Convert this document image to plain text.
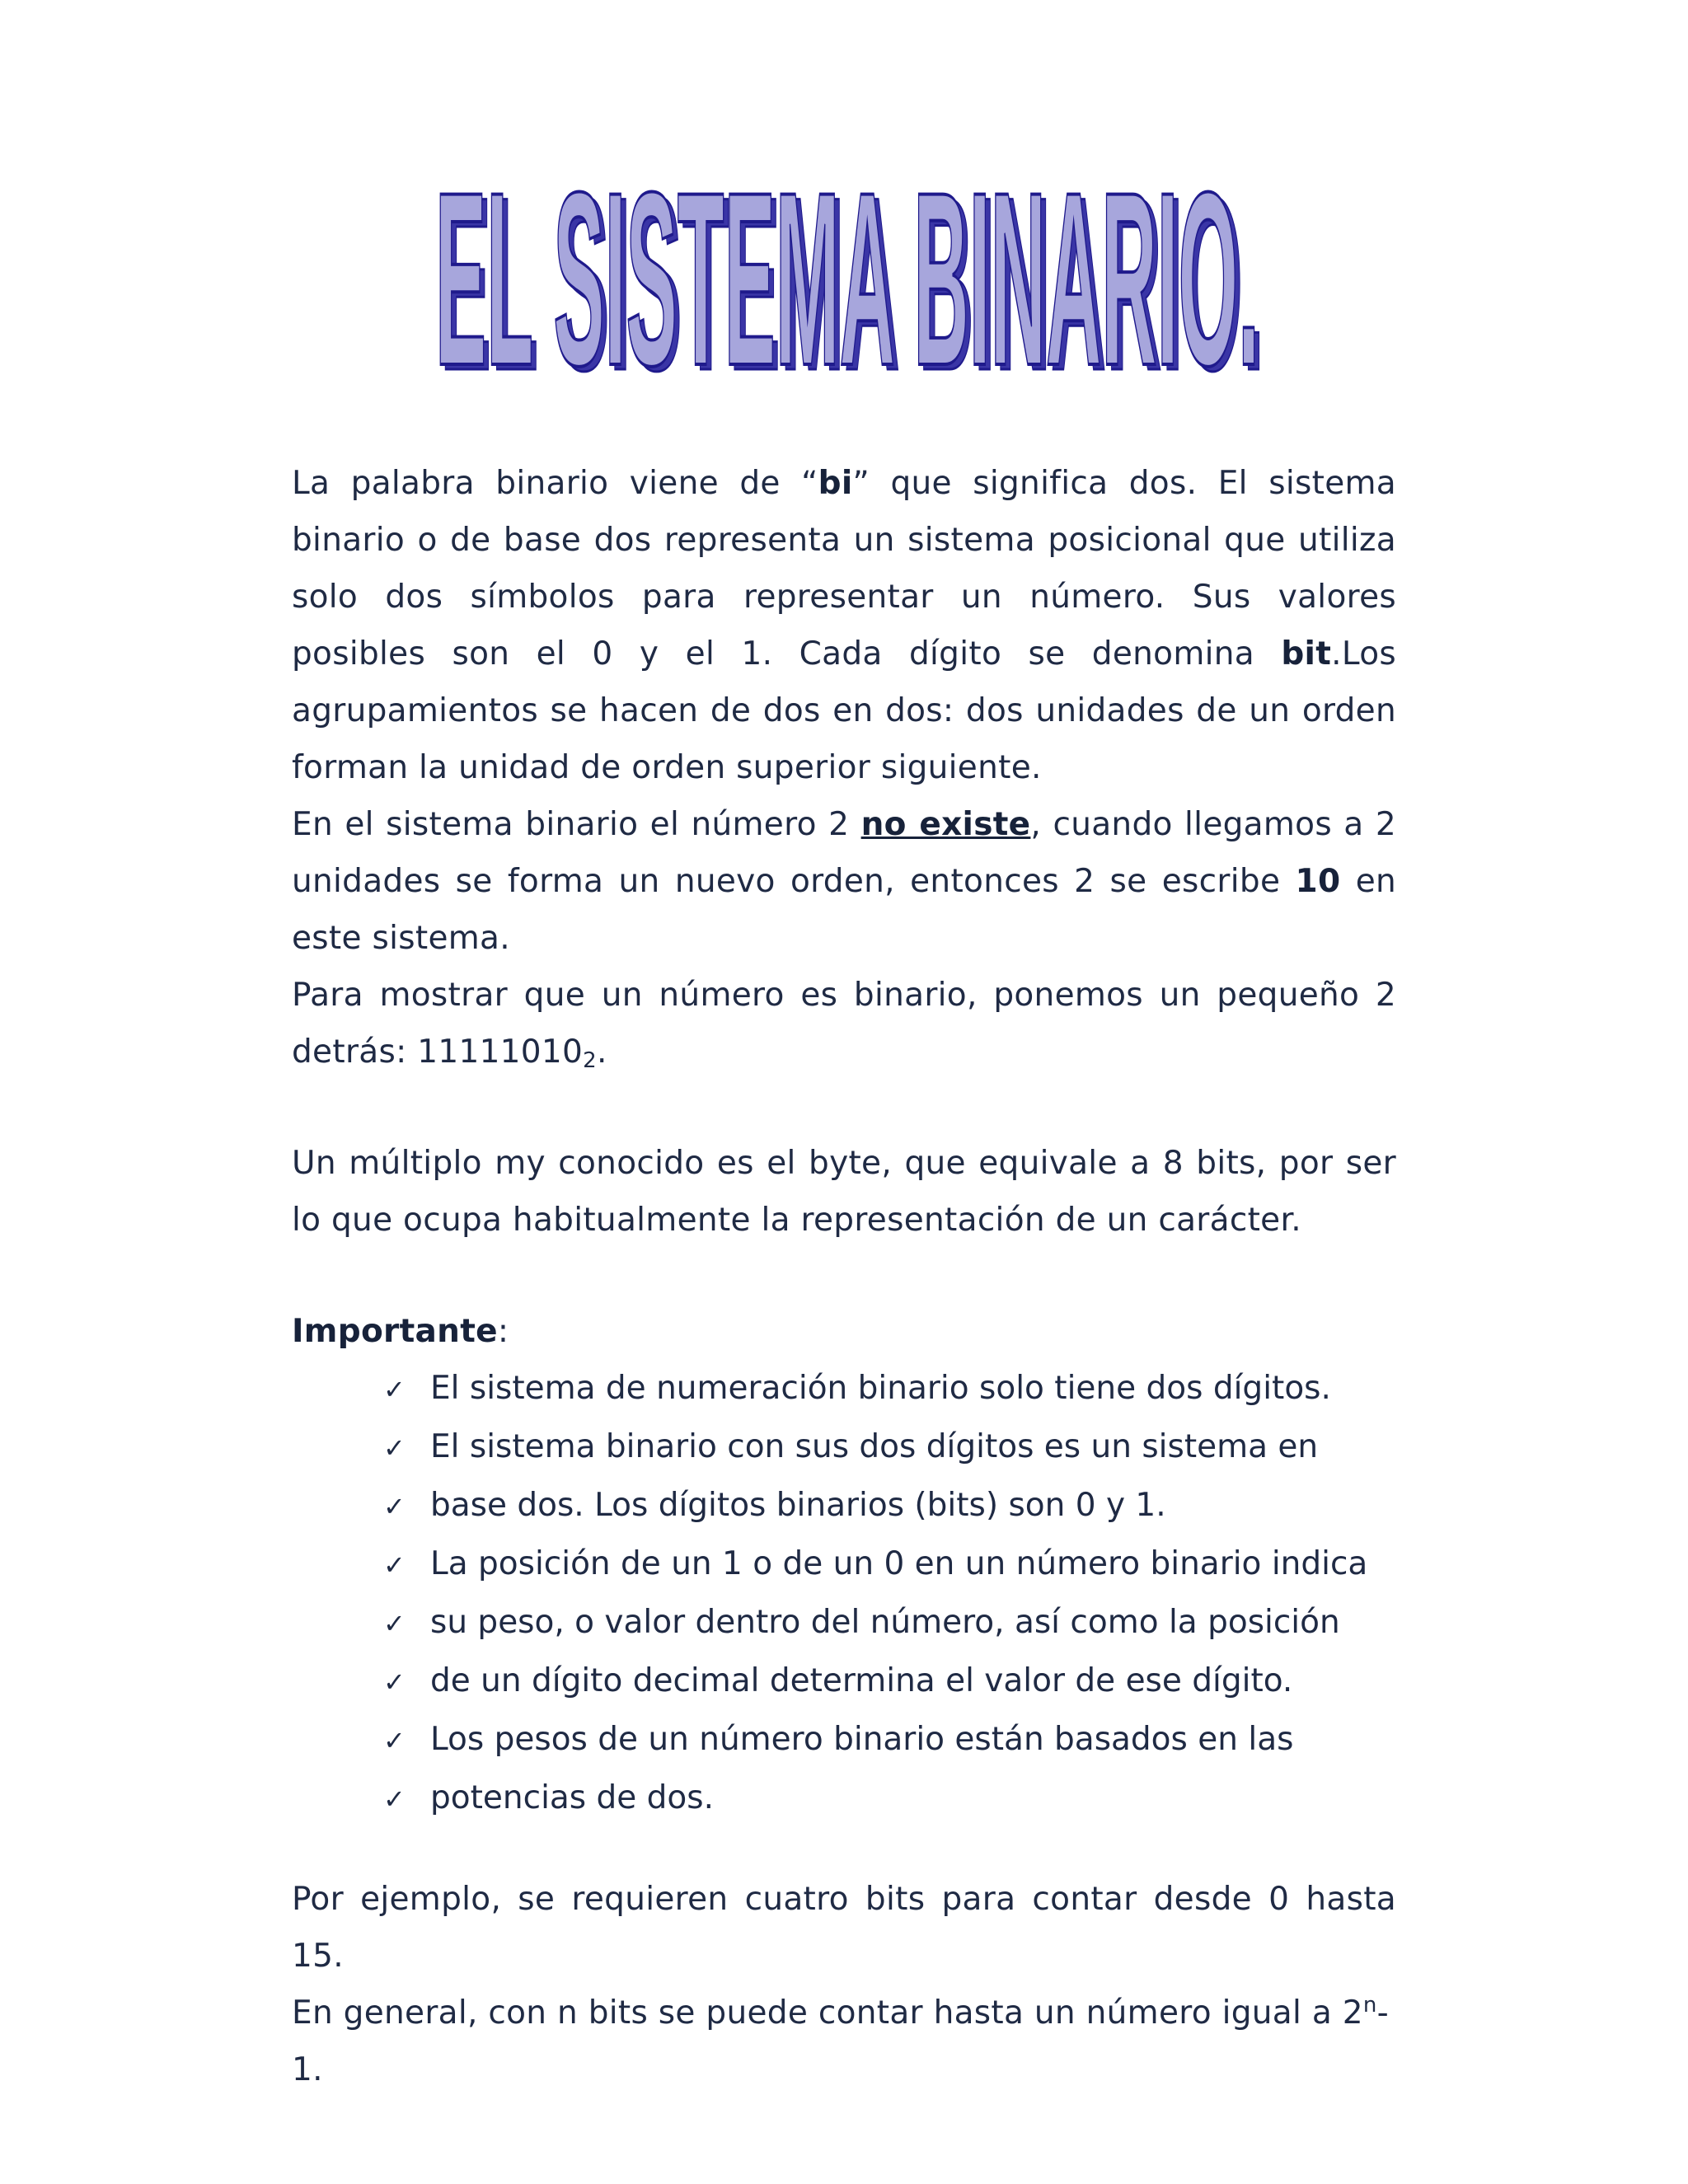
EL SISTEMA BINARIO.
EL SISTEMA BINARIO.

La palabra binario viene de “bi” que significa dos. El sistema binario o de base dos representa un sistema posicional que utiliza solo dos símbolos para representar un número. Sus valores posibles son el 0 y el 1. Cada dígito se denomina bit.Los agrupamientos se hacen de dos en dos: dos unidades de un orden forman la unidad de orden superior siguiente.

En el sistema binario el número 2 no existe, cuando llegamos a 2 unidades se forma un nuevo orden, entonces 2 se escribe 10 en este sistema.

Para mostrar que un número es binario, ponemos un pequeño 2 detrás: $11111010_2$.

Un múltiplo my conocido es el byte, que equivale a 8 bits, por ser lo que ocupa habitualmente la representación de un carácter.

Importante:

✓ El sistema de numeración binario solo tiene dos dígitos.
✓ El sistema binario con sus dos dígitos es un sistema en
✓ base dos. Los dígitos binarios (bits) son 0 y 1.
✓ La posición de un 1 o de un 0 en un número binario indica
✓ su peso, o valor dentro del número, así como la posición
✓ de un dígito decimal determina el valor de ese dígito.
✓ Los pesos de un número binario están basados en las
✓ potencias de dos.

Por ejemplo, se requieren cuatro bits para contar desde 0 hasta 15.

En general, con n bits se puede contar hasta un número igual a 2$^n$-1.
